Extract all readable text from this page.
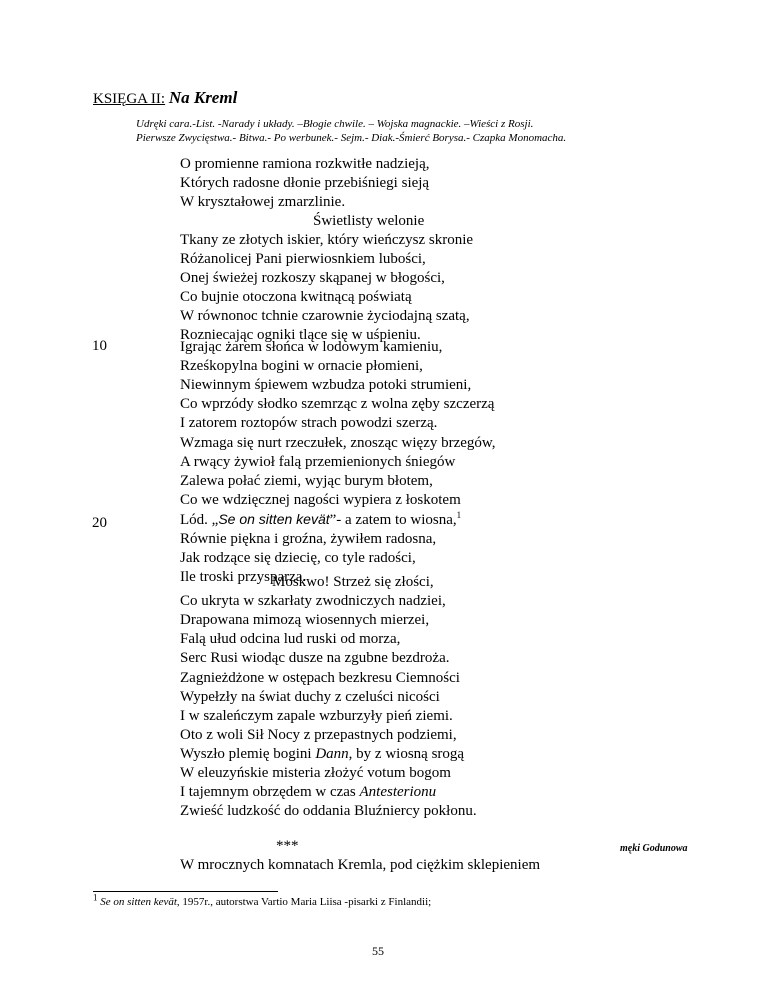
KSIĘGA II: Na Kreml
Udręki cara.-List. -Narady i układy. –Błogie chwile. – Wojska magnackie. –Wieści z Rosji.
Pierwsze Zwycięstwa.- Bitwa.- Po werbunek.- Sejm.- Diak.-Śmierć Borysa.- Czapka Monomacha.
O promienne ramiona rozkwitłe nadzieją,
Których radosne dłonie przebiśniegi sieją
W kryształowej zmarzlinie.
Świetlisty welonie
Tkany ze złotych iskier, który wieńczysz skronie
Różanolicej Pani pierwiosnkiem lubości,
Onej świeżej rozkoszy skąpanej w błogości,
Co bujnie otoczona kwitnącą poświatą
W równonoc tchnie czarownie życiodajną szatą,
Rozniecając ogniki tlące się w uśpieniu.
10	Igrając żarem słońca w lodowym kamieniu,
Rześkopylna bogini w ornacie płomieni,
Niewinnym śpiewem wzbudza potoki strumieni,
Co wprzódy słodko szemrząc z wolna zęby szczerzą
I zatorem roztopów strach powodzi szerzą.
Wzmaga się nurt rzeczułek, znosząc więzy brzegów,
A rwący żywioł falą przemienionych śniegów
Zalewa połać ziemi, wyjąc burym błotem,
Co we wdzięcznej nagości wypiera z łoskotem
Lód. „Se on sitten kevät”- a zatem to wiosna,$^1$
Równie piękna i groźna, żywiłem radosna,
Jak rodzące się dziecię, co tyle radości,
Ile troski przysparza.
20
Moskwo! Strzeż się złości,
Co ukryta w szkarłaty zwodniczych nadziei,
Drapowana mimozą wiosennych mierzei,
Falą ułud odcina lud ruski od morza,
Serc Rusi wiodąc dusze na zgubne bezdroża.
Zagnieżdżone w ostępach bezkresu Ciemności
Wypełzły na świat duchy z czeluści nicości
I w szaleńczym zapale wzburzyły pień ziemi.
Oto z woli Sił Nocy z przepastnych podziemi,
Wyszło plemię bogini Dann, by z wiosną srogą
W eleuzyńskie misteria złożyć votum bogom
I tajemnym obrzędem w czas Antesterionu
Zwieść ludzkość do oddania Bluźniercy pokłonu.
***	męki Godunowa
W mrocznych komnatach Kremla, pod ciężkim sklepieniem
$^1$ Se on sitten kevät, 1957r., autorstwa Vartio Maria Liisa -pisarki z Finlandii;
55
